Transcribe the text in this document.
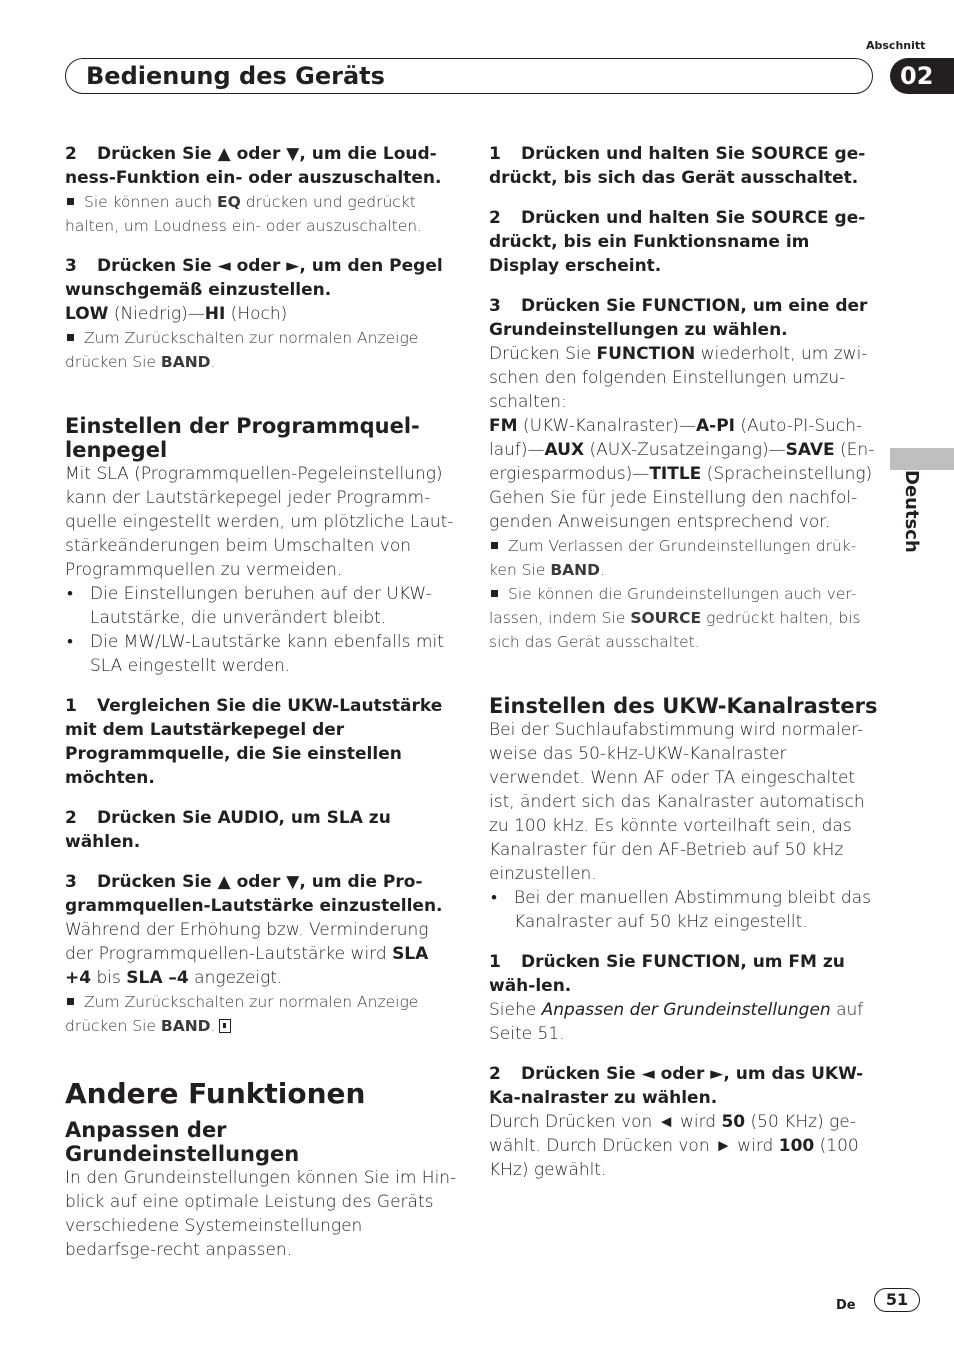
Abschnitt
Bedienung des Geräts	02
Deutsch

2 Drücken Sie ▲ oder ▼, um die Loud-ness-Funktion ein- oder auszuschalten.

Sie können auch EQ drücken und gedrückt halten, um Loudness ein- oder auszuschalten.

3 Drücken Sie ◄ oder ►, um den Pegel wunschgemäß einzustellen.

LOW (Niedrig)—HI (Hoch)

Zum Zurückschalten zur normalen Anzeige drücken Sie BAND.

Einstellen der Programmquel-lenpegel

Mit SLA (Programmquellen-Pegeleinstellung) kann der Lautstärkepegel jeder Programm-quelle eingestellt werden, um plötzliche Laut-stärkeänderungen beim Umschalten von Programmquellen zu vermeiden.

• Die Einstellungen beruhen auf der UKW-Lautstärke, die unverändert bleibt.

• Die MW/LW-Lautstärke kann ebenfalls mit SLA eingestellt werden.

1 Vergleichen Sie die UKW-Lautstärke mit dem Lautstärkepegel der Programmquelle, die Sie einstellen möchten.

2 Drücken Sie AUDIO, um SLA zu wählen.

3 Drücken Sie ▲ oder ▼, um die Pro-grammquellen-Lautstärke einzustellen.

Während der Erhöhung bzw. Verminderung der Programmquellen-Lautstärke wird SLA +4 bis SLA –4 angezeigt.

Zum Zurückschalten zur normalen Anzeige drücken Sie BAND.

Andere Funktionen
Anpassen der Grundeinstellungen

In den Grundeinstellungen können Sie im Hin-blick auf eine optimale Leistung des Geräts verschiedene Systemeinstellungen bedarfsge-recht anpassen.

1 Drücken und halten Sie SOURCE ge-drückt, bis sich das Gerät ausschaltet.

2 Drücken und halten Sie SOURCE ge-drückt, bis ein Funktionsname im Display erscheint.

3 Drücken Sie FUNCTION, um eine der Grundeinstellungen zu wählen.

Drücken Sie FUNCTION wiederholt, um zwi-schen den folgenden Einstellungen umzu-schalten:

FM (UKW-Kanalraster)—A-PI (Auto-PI-Such-lauf)—AUX (AUX-Zusatzeingang)—SAVE (En-ergiesparmodus)—TITLE (Spracheinstellung)

Gehen Sie für jede Einstellung den nachfol-genden Anweisungen entsprechend vor.

Zum Verlassen der Grundeinstellungen drük-ken Sie BAND.

Sie können die Grundeinstellungen auch ver-lassen, indem Sie SOURCE gedrückt halten, bis sich das Gerät ausschaltet.

Einstellen des UKW-Kanalrasters

Bei der Suchlaufabstimmung wird normaler-weise das 50-kHz-UKW-Kanalraster verwendet. Wenn AF oder TA eingeschaltet ist, ändert sich das Kanalraster automatisch zu 100 kHz. Es könnte vorteilhaft sein, das Kanalraster für den AF-Betrieb auf 50 kHz einzustellen.

• Bei der manuellen Abstimmung bleibt das Kanalraster auf 50 kHz eingestellt.

1 Drücken Sie FUNCTION, um FM zu wäh-len.

Siehe Anpassen der Grundeinstellungen auf Seite 51.

2 Drücken Sie ◄ oder ►, um das UKW-Ka-nalraster zu wählen.

Durch Drücken von ◄ wird 50 (50 KHz) ge-wählt. Durch Drücken von ► wird 100 (100 KHz) gewählt.

De	51
